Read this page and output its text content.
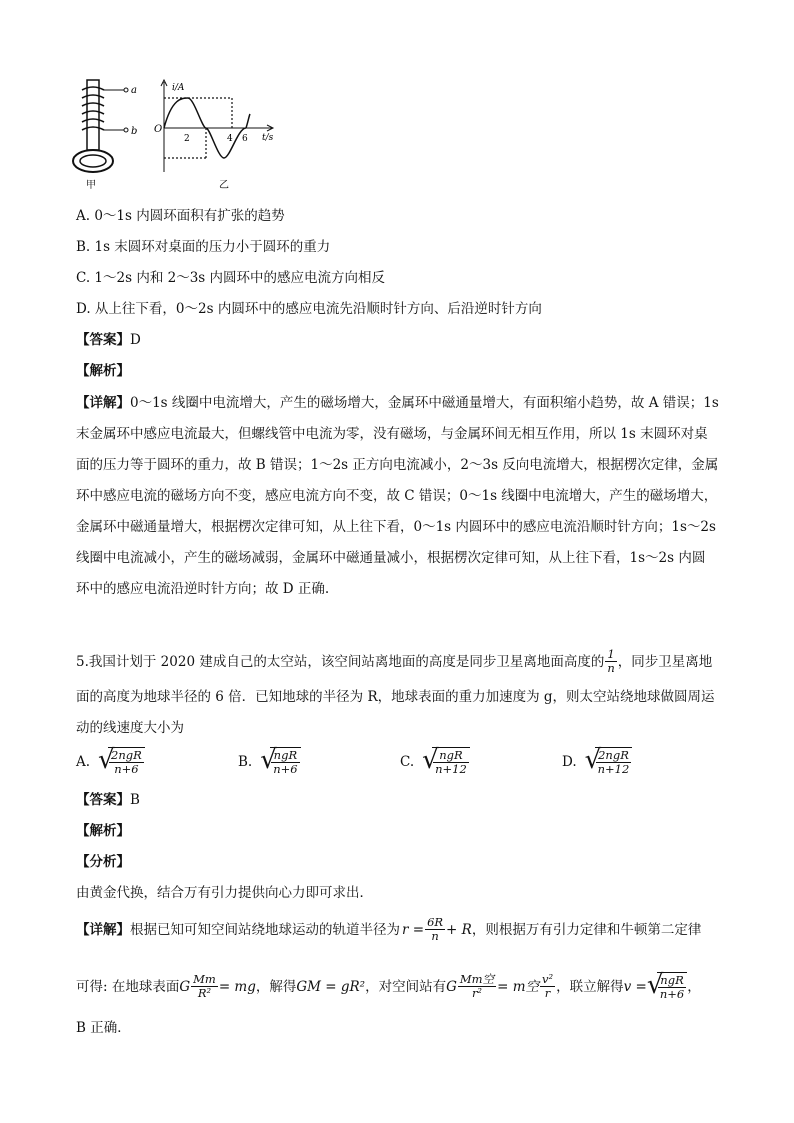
a
b
甲
i/A
t/s
O
2	4 6
乙
A. 0～1s 内圆环面积有扩张的趋势
B. 1s 末圆环对桌面的压力小于圆环的重力
C. 1～2s 内和 2～3s 内圆环中的感应电流方向相反
D. 从上往下看，0～2s 内圆环中的感应电流先沿顺时针方向、后沿逆时针方向
【答案】D
【解析】
【详解】0～1s 线圈中电流增大，产生的磁场增大，金属环中磁通量增大，有面积缩小趋势，故 A 错误；1s
末金属环中感应电流最大，但螺线管中电流为零，没有磁场，与金属环间无相互作用，所以 1s 末圆环对桌
面的压力等于圆环的重力，故 B 错误；1～2s 正方向电流减小，2～3s 反向电流增大，根据楞次定律，金属
环中感应电流的磁场方向不变，感应电流方向不变，故 C 错误；0～1s 线圈中电流增大，产生的磁场增大，
金属环中磁通量增大，根据楞次定律可知，从上往下看，0～1s 内圆环中的感应电流沿顺时针方向；1s～2s
线圈中电流减小，产生的磁场减弱，金属环中磁通量减小，根据楞次定律可知，从上往下看，1s～2s 内圆
环中的感应电流沿逆时针方向；故 D 正确.
5.我国计划于 2020 建成自己的太空站，该空间站离地面的高度是同步卫星离地面高度的 $\frac{1}{n}$ ，同步卫星离地
面的高度为地球半径的 6 倍．已知地球的半径为 R，地球表面的重力加速度为 g，则太空站绕地球做圆周运
动的线速度大小为
A. √
$\frac{\text{2ngR}}{n+6}$	B. √
$\frac{\text{ngR}}{n+6}$	C. √
$\frac{\text{ngR}}{n+12}$	D. √
$\frac{\text{2ngR}}{n+12}$
【答案】B
【解析】
【分析】
由黄金代换，结合万有引力提供向心力即可求出．
【详解】 根据已知可知空间站绕地球运动的轨道半径为 $r = \frac{6R}{n} + R$ ，则根据万有引力定律和牛顿第二定律
可得: 在地球表面 G $\frac{Mm}{\text{R²}}$ = mg ，解得 GM = gR² ，对空间站有 G $\frac{\text{Mm空}}{\text{r²}} = m$空 $\frac{\text{v²}}{r}$ ，联立解得 v = √
$\frac{\text{ngR}}{n+6}$ ，
B 正确．
